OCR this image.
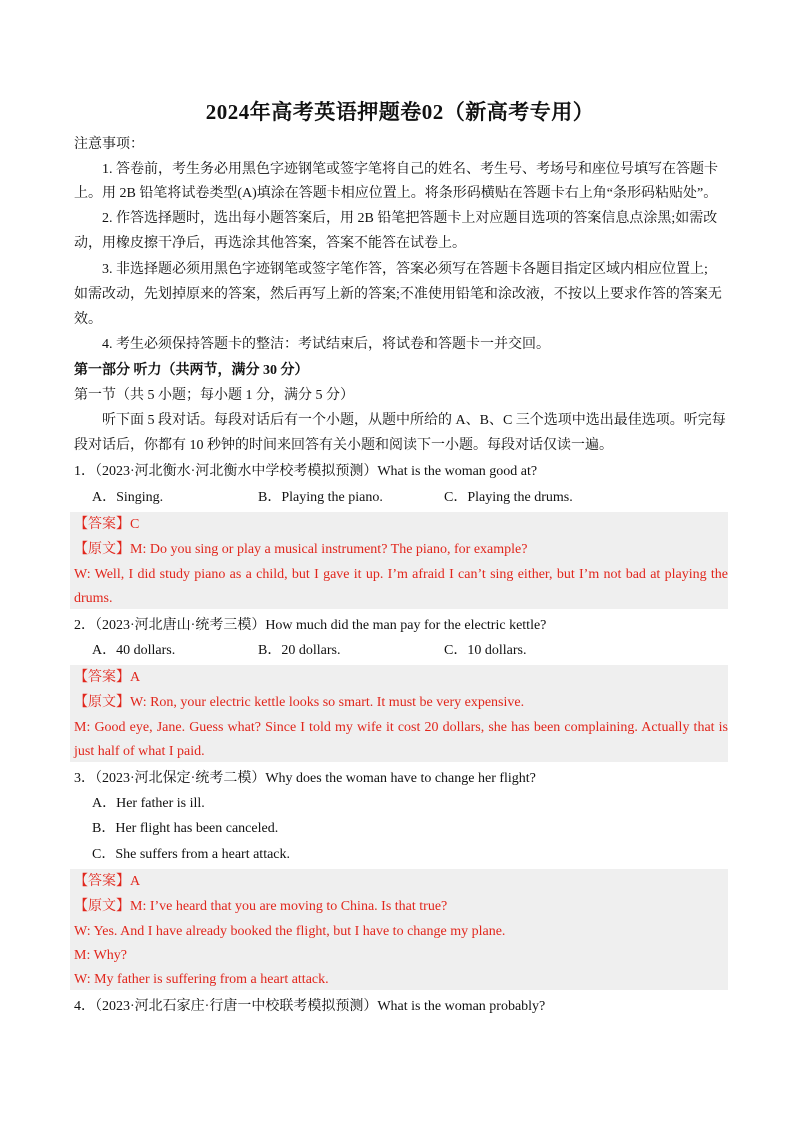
2024年高考英语押题卷02（新高考专用）
注意事项：
1. 答卷前，考生务必用黑色字迹钢笔或签字笔将自己的姓名、考生号、考场号和座位号填写在答题卡
上。用 2B 铅笔将试卷类型(A)填涂在答题卡相应位置上。将条形码横贴在答题卡右上角“条形码粘贴处”。
2. 作答选择题时，选出每小题答案后，用 2B 铅笔把答题卡上对应题目选项的答案信息点涂黑;如需改
动，用橡皮擦干净后，再选涂其他答案，答案不能答在试卷上。
3. 非选择题必须用黑色字迹钢笔或签字笔作答，答案必须写在答题卡各题目指定区域内相应位置上;
如需改动，先划掉原来的答案，然后再写上新的答案;不准使用铅笔和涂改液，不按以上要求作答的答案无
效。
4. 考生必须保持答题卡的整洁：考试结束后，将试卷和答题卡一并交回。
第一部分 听力（共两节，满分 30 分）
第一节（共 5 小题；每小题 1 分，满分 5 分）
听下面 5 段对话。每段对话后有一个小题，从题中所给的 A、B、C 三个选项中选出最佳选项。听完每
段对话后，你都有 10 秒钟的时间来回答有关小题和阅读下一小题。每段对话仅读一遍。
1．（2023·河北衡水·河北衡水中学校考模拟预测）What is the woman good at?
A．Singing.	B．Playing the piano.	C．Playing the drums.
【答案】C
【原文】M: Do you sing or play a musical instrument? The piano, for example?
W: Well, I did study piano as a child, but I gave it up. I’m afraid I can’t sing either, but I’m not bad at playing the drums.
2．（2023·河北唐山·统考三模）How much did the man pay for the electric kettle?
A．40 dollars.	B．20 dollars.	C．10 dollars.
【答案】A
【原文】W: Ron, your electric kettle looks so smart. It must be very expensive.
M: Good eye, Jane. Guess what? Since I told my wife it cost 20 dollars, she has been complaining. Actually that is just half of what I paid.
3．（2023·河北保定·统考二模）Why does the woman have to change her flight?
A．Her father is ill.
B．Her flight has been canceled.
C．She suffers from a heart attack.
【答案】A
【原文】M: I’ve heard that you are moving to China. Is that true?
W: Yes. And I have already booked the flight, but I have to change my plane.
M: Why?
W: My father is suffering from a heart attack.
4．（2023·河北石家庄·行唐一中校联考模拟预测）What is the woman probably?
